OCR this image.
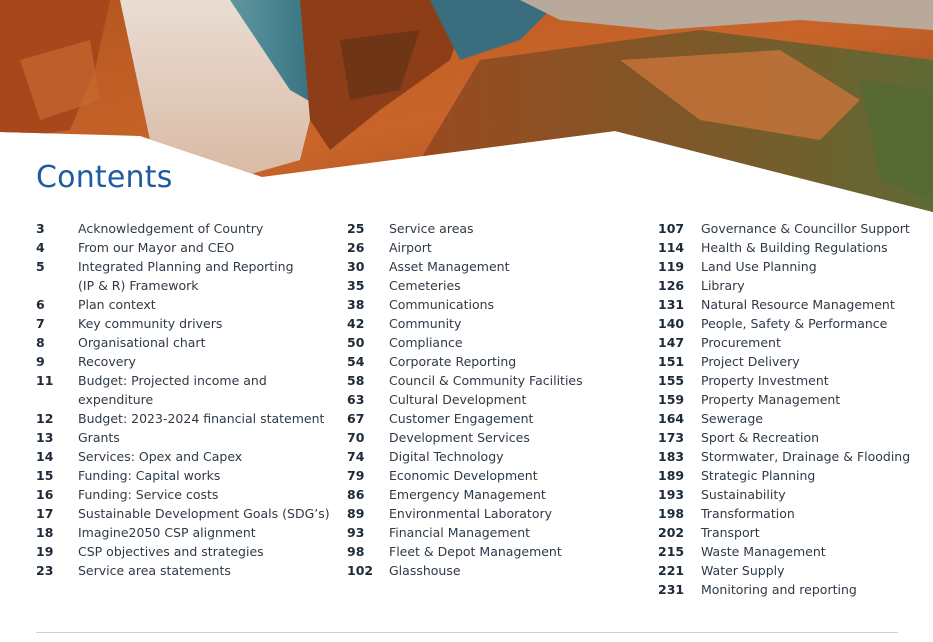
Contents
3	Acknowledgement of Country
4	From our Mayor and CEO
5	Integrated Planning and Reporting
(IP & R) Framework
6	Plan context
7	Key community drivers
8	Organisational chart
9	Recovery
11	Budget: Projected income and
expenditure
12	Budget: 2023-2024 financial statement
13	Grants
14	Services: Opex and Capex
15	Funding: Capital works
16	Funding: Service costs
17	Sustainable Development Goals (SDG’s)
18	Imagine2050 CSP alignment
19	CSP objectives and strategies
23	Service area statements
25	Service areas
26	Airport
30	Asset Management
35	Cemeteries
38	Communications
42	Community
50	Compliance
54	Corporate Reporting
58	Council & Community Facilities
63	Cultural Development
67	Customer Engagement
70	Development Services
74	Digital Technology
79	Economic Development
86	Emergency Management
89	Environmental Laboratory
93	Financial Management
98	Fleet & Depot Management
102	Glasshouse
107	Governance & Councillor Support
114	Health & Building Regulations
119	Land Use Planning
126	Library
131	Natural Resource Management
140	People, Safety & Performance
147	Procurement
151	Project Delivery
155	Property Investment
159	Property Management
164	Sewerage
173	Sport & Recreation
183	Stormwater, Drainage & Flooding
189	Strategic Planning
193	Sustainability
198	Transformation
202	Transport
215	Waste Management
221	Water Supply
231	Monitoring and reporting
